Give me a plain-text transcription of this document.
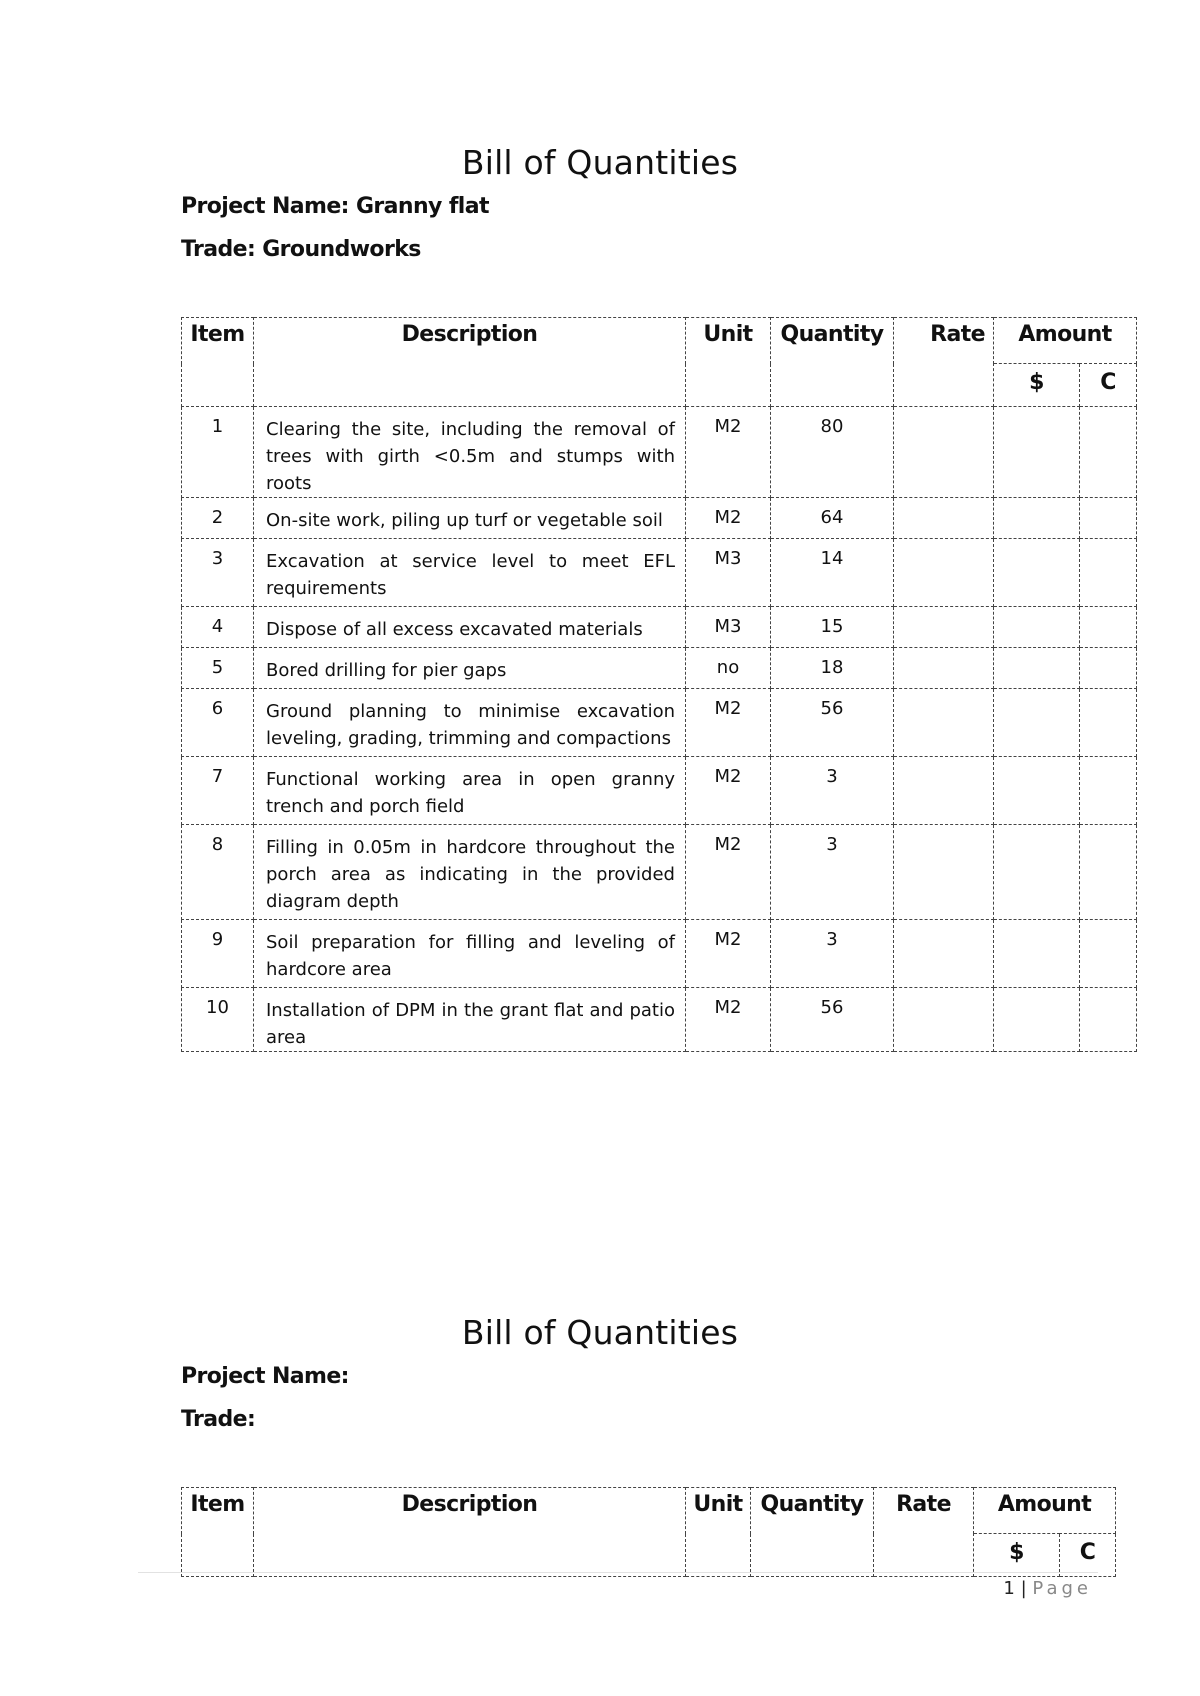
Bill of Quantities
Project Name: Granny flat
Trade: Groundworks
Item	Description	Unit	Quantity	Rate	Amount	
					$	C
1	Clearing the site, including the removal of trees with girth <0.5m and stumps with roots	M2	80			
2	On-site work, piling up turf or vegetable soil	M2	64			
3	Excavation at service level to meet EFL requirements	M3	14			
4	Dispose of all excess excavated materials	M3	15			
5	Bored drilling for pier gaps	no	18			
6	Ground planning to minimise excavation leveling, grading, trimming and compactions	M2	56			
7	Functional working area in open granny trench and porch field	M2	3			
8	Filling in 0.05m in hardcore throughout the porch area as indicating in the provided diagram depth	M2	3			
9	Soil preparation for filling and leveling of hardcore area	M2	3			
10	Installation of DPM in the grant flat and patio area	M2	56			
Bill of Quantities
Project Name:
Trade:
Item	Description	Unit	Quantity	Rate	Amount	
					$	C
1 | Page
